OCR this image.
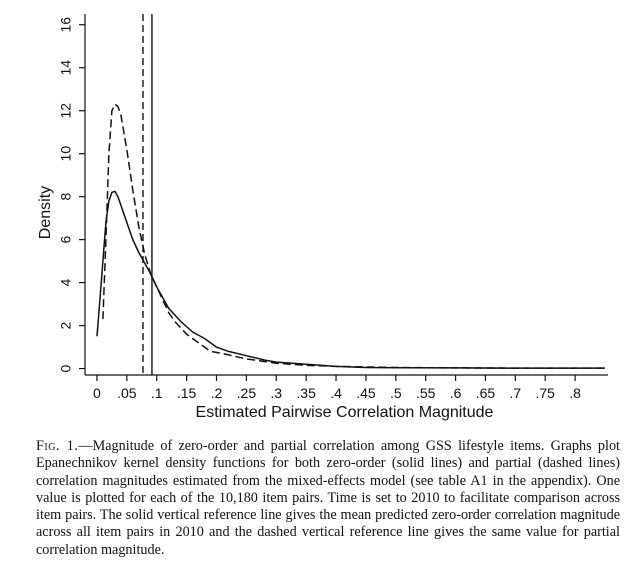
0
2
4
6
8
10
12
14
16
0 .05 .1 .15 .2 .25 .3 .35 .4 .45 .5 .55 .6 .65 .7 .75 .8
Estimated Pairwise Correlation Magnitude
Density
Fig. 1.—Magnitude of zero-order and partial correlation among GSS lifestyle items. Graphs plot Epanechnikov kernel density functions for both zero-order (solid lines) and partial (dashed lines) correlation magnitudes estimated from the mixed-effects model (see table A1 in the appendix). One value is plotted for each of the 10,180 item pairs. Time is set to 2010 to facilitate comparison across item pairs. The solid vertical reference line gives the mean predicted zero-order correlation magnitude across all item pairs in 2010 and the dashed vertical reference line gives the same value for partial correlation magnitude.
